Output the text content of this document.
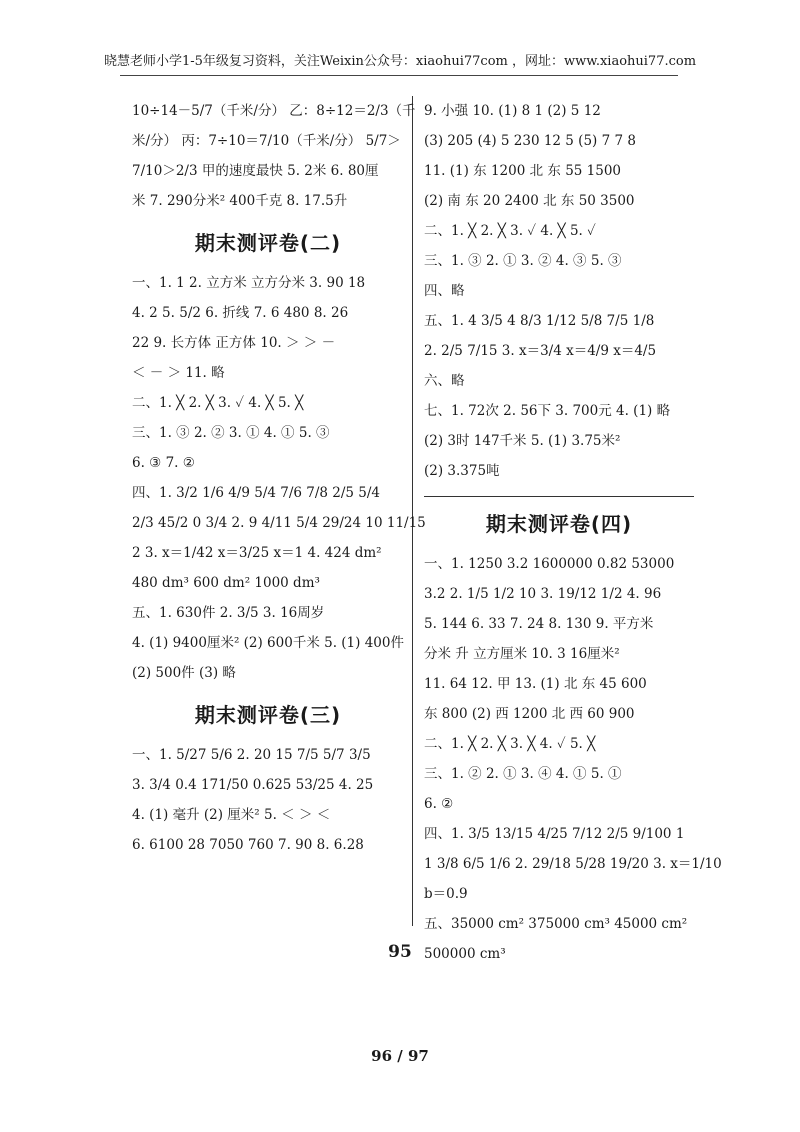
晓慧老师小学1-5年级复习资料，关注Weixin公众号：xiaohui77com ，网址：www.xiaohui77.com
10÷14－5/7（千米/分） 乙：8÷12＝2/3（千
米/分） 丙：7÷10＝7/10（千米/分） 5/7＞
7/10＞2/3 甲的速度最快 5. 2米 6. 80厘
米 7. 290分米² 400千克 8. 17.5升
期末测评卷(二)
一、1. 1 2. 立方米 立方分米 3. 90 18
4. 2 5. 5/2 6. 折线 7. 6 480 8. 26
22 9. 长方体 正方体 10. ＞ ＞ －
＜ － ＞ 11. 略
二、1. ╳ 2. ╳ 3. ✓ 4. ╳ 5. ╳
三、1. ③ 2. ② 3. ① 4. ① 5. ③
6. ③ 7. ②
四、1. 3/2 1/6 4/9 5/4 7/6 7/8 2/5 5/4
2/3 45/2 0 3/4 2. 9 4/11 5/4 29/24 10 11/15
2 3. x＝1/42 x＝3/25 x＝1 4. 424 dm²
480 dm³ 600 dm² 1000 dm³
五、1. 630件 2. 3/5 3. 16周岁
4. (1) 9400厘米² (2) 600千米 5. (1) 400件
(2) 500件 (3) 略
期末测评卷(三)
一、1. 5/27 5/6 2. 20 15 7/5 5/7 3/5
3. 3/4 0.4 171/50 0.625 53/25 4. 25
4. (1) 毫升 (2) 厘米² 5. ＜ ＞ ＜
6. 6100 28 7050 760 7. 90 8. 6.28
9. 小强 10. (1) 8 1 (2) 5 12
(3) 205 (4) 5 230 12 5 (5) 7 7 8
11. (1) 东 1200 北 东 55 1500
(2) 南 东 20 2400 北 东 50 3500
二、1. ╳ 2. ╳ 3. ✓ 4. ╳ 5. ✓
三、1. ③ 2. ① 3. ② 4. ③ 5. ③
四、略
五、1. 4 3/5 4 8/3 1/12 5/8 7/5 1/8
2. 2/5 7/15 3. x＝3/4 x＝4/9 x＝4/5
六、略
七、1. 72次 2. 56下 3. 700元 4. (1) 略
(2) 3时 147千米 5. (1) 3.75米²
(2) 3.375吨
期末测评卷(四)
一、1. 1250 3.2 1600000 0.82 53000
3.2 2. 1/5 1/2 10 3. 19/12 1/2 4. 96
5. 144 6. 33 7. 24 8. 130 9. 平方米
分米 升 立方厘米 10. 3 16厘米²
11. 64 12. 甲 13. (1) 北 东 45 600
东 800 (2) 西 1200 北 西 60 900
二、1. ╳ 2. ╳ 3. ╳ 4. ✓ 5. ╳
三、1. ② 2. ① 3. ④ 4. ① 5. ①
6. ②
四、1. 3/5 13/15 4/25 7/12 2/5 9/100 1
1 3/8 6/5 1/6 2. 29/18 5/28 19/20 3. x＝1/10
b＝0.9
五、35000 cm² 375000 cm³ 45000 cm²
500000 cm³
95
96 / 97
